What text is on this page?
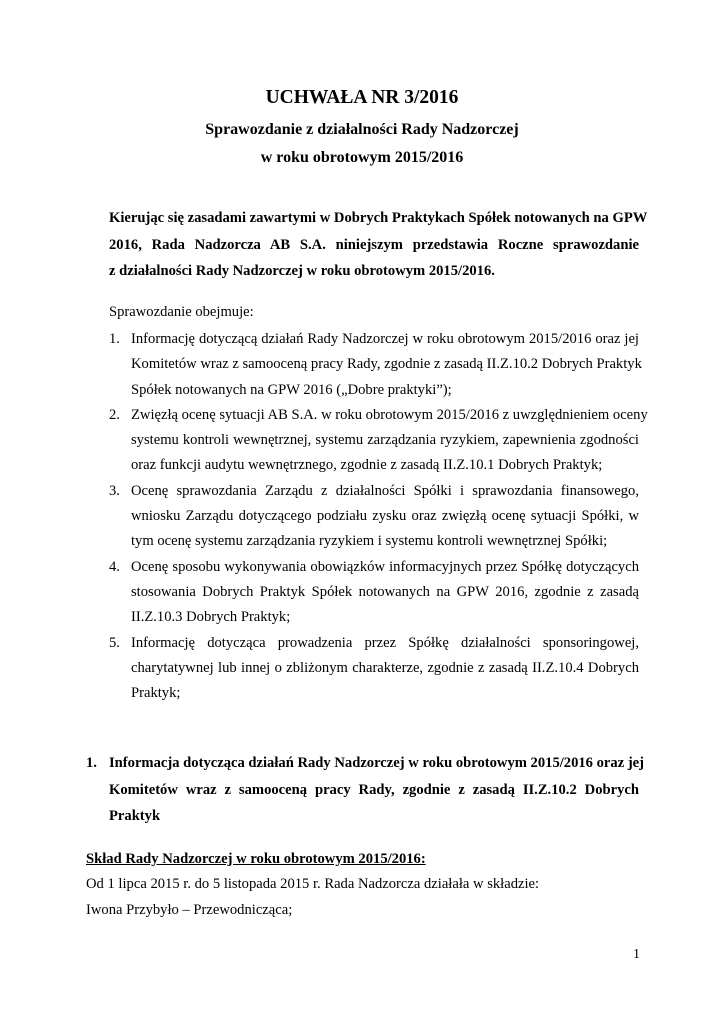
UCHWAŁA NR 3/2016
Sprawozdanie z działalności Rady Nadzorczej
w roku obrotowym 2015/2016
Kierując się zasadami zawartymi w Dobrych Praktykach Spółek notowanych na GPW
2016, Rada Nadzorcza AB S.A. niniejszym przedstawia Roczne sprawozdanie
z działalności Rady Nadzorczej w roku obrotowym 2015/2016.
Sprawozdanie obejmuje:
1. Informację dotyczącą działań Rady Nadzorczej w roku obrotowym 2015/2016 oraz jej
Komitetów wraz z samooceną pracy Rady, zgodnie z zasadą II.Z.10.2 Dobrych Praktyk
Spółek notowanych na GPW 2016 („Dobre praktyki”);
2. Zwięzłą ocenę sytuacji AB S.A. w roku obrotowym 2015/2016 z uwzględnieniem oceny
systemu kontroli wewnętrznej, systemu zarządzania ryzykiem, zapewnienia zgodności
oraz funkcji audytu wewnętrznego, zgodnie z zasadą II.Z.10.1 Dobrych Praktyk;
3. Ocenę sprawozdania Zarządu z działalności Spółki i sprawozdania finansowego,
wniosku Zarządu dotyczącego podziału zysku oraz zwięzłą ocenę sytuacji Spółki, w
tym ocenę systemu zarządzania ryzykiem i systemu kontroli wewnętrznej Spółki;
4. Ocenę sposobu wykonywania obowiązków informacyjnych przez Spółkę dotyczących
stosowania Dobrych Praktyk Spółek notowanych na GPW 2016, zgodnie z zasadą
II.Z.10.3 Dobrych Praktyk;
5. Informację dotycząca prowadzenia przez Spółkę działalności sponsoringowej,
charytatywnej lub innej o zbliżonym charakterze, zgodnie z zasadą II.Z.10.4 Dobrych
Praktyk;
1. Informacja dotycząca działań Rady Nadzorczej w roku obrotowym 2015/2016 oraz jej
Komitetów wraz z samooceną pracy Rady, zgodnie z zasadą II.Z.10.2 Dobrych
Praktyk
Skład Rady Nadzorczej w roku obrotowym 2015/2016:
Od 1 lipca 2015 r. do 5 listopada 2015 r. Rada Nadzorcza działała w składzie:
Iwona Przybyło – Przewodnicząca;
1
